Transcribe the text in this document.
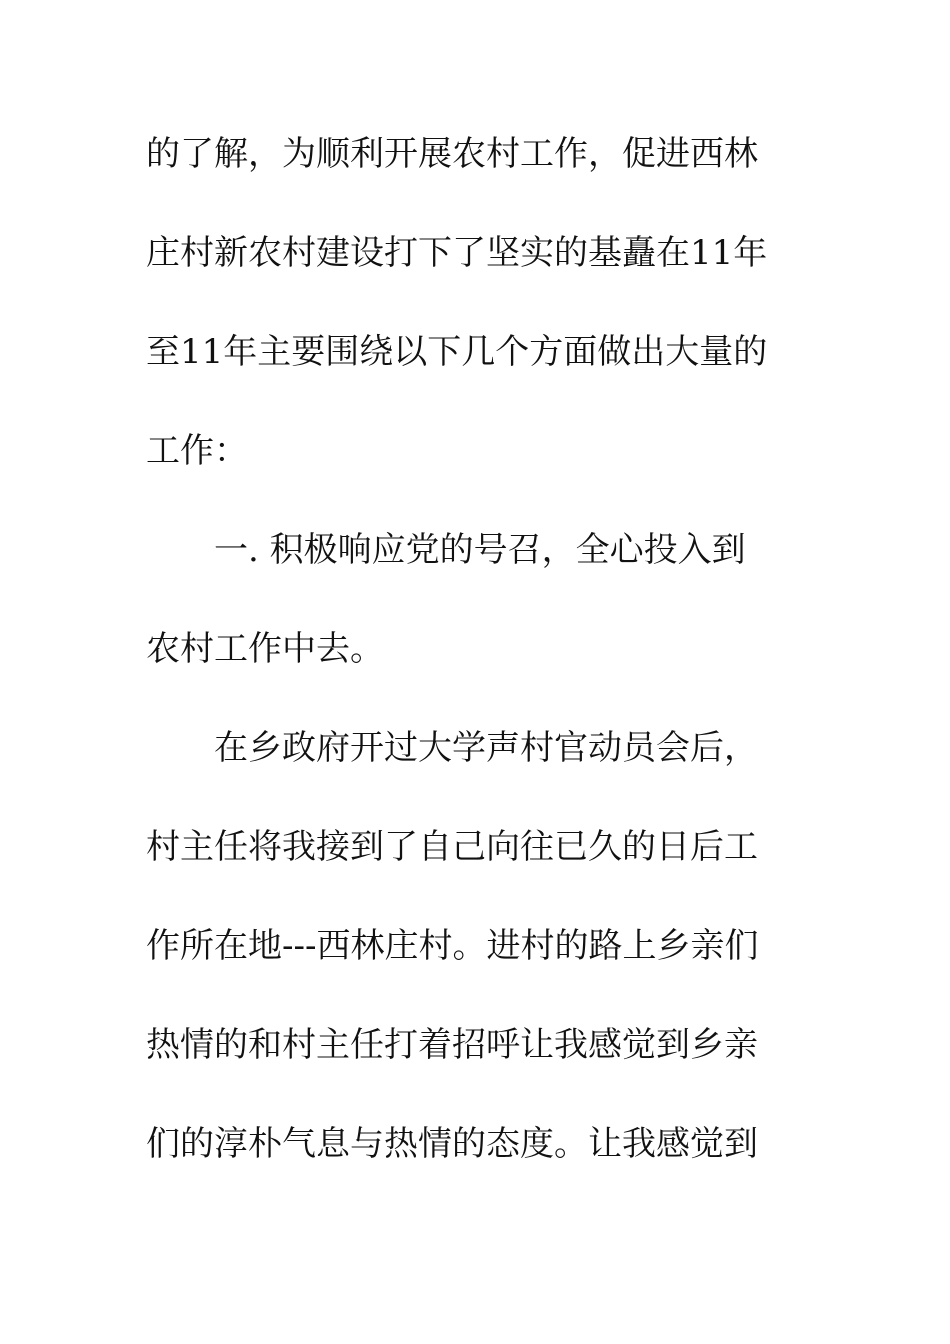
的了解，为顺利开展农村工作，促进西林
庄村新农村建设打下了坚实的基矗在11年
至11年主要围绕以下几个方面做出大量的
工作：
一. 积极响应党的号召，全心投入到
农村工作中去。
在乡政府开过大学声村官动员会后，
村主任将我接到了自己向往已久的日后工
作所在地---西林庄村。进村的路上乡亲们
热情的和村主任打着招呼让我感觉到乡亲
们的淳朴气息与热情的态度。让我感觉到
